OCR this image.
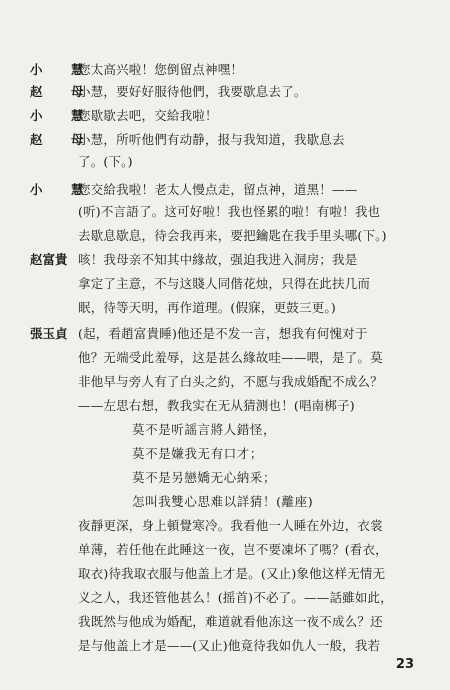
小　慧您太高兴啦！您倒留点神嘿！
赵　母小慧，要好好服待他們，我要歇息去了。
小　慧您歇歇去吧，交給我啦！
赵　母小慧，所听他們有动静，报与我知道，我歇息去
了。(下。)
小　慧您交給我啦！老太人慢点走，留点神，道黑！——
(听)不言語了。这可好啦！我也怪累的啦！有啦！我也
去歇息歇息，待会我再来，要把鑰匙在我手里头哪(下。)
赵富貴 咳！我母亲不知其中緣故，强迫我进入洞房；我是
拿定了主意，不与这賤人同偕花烛，只得在此扶几而
眠，待等天明，再作道理。(假寐，更鼓三更。)
張玉貞 (起，看趙富貴睡)他还是不发一言，想我有何愧对于
他？无端受此羞辱，这是甚么緣故哇——喂，是了。莫
非他早与旁人有了白头之約，不愿与我成婚配不成么？
——左思右想，教我实在无从猜测也！(唱南梆子)
莫不是听謡言將人錯怪，
莫不是嫌我无有口才；
莫不是另戀嬌无心納釆；
怎叫我雙心思难以詳猜！(離座)
夜靜更深，身上頓覺寒冷。我看他一人睡在外边，衣裳
单薄，若任他在此睡这一夜，岂不要凍坏了嗎？(看衣，
取衣)待我取衣服与他盖上才是。(又止)象他这样无情无
义之人，我还管他甚么！(摇首)不必了。——話雖如此，
我既然与他成为婚配，难道就看他冻这一夜不成么？还
是与他盖上才是——(又止)他竟待我如仇人一般，我若
23
